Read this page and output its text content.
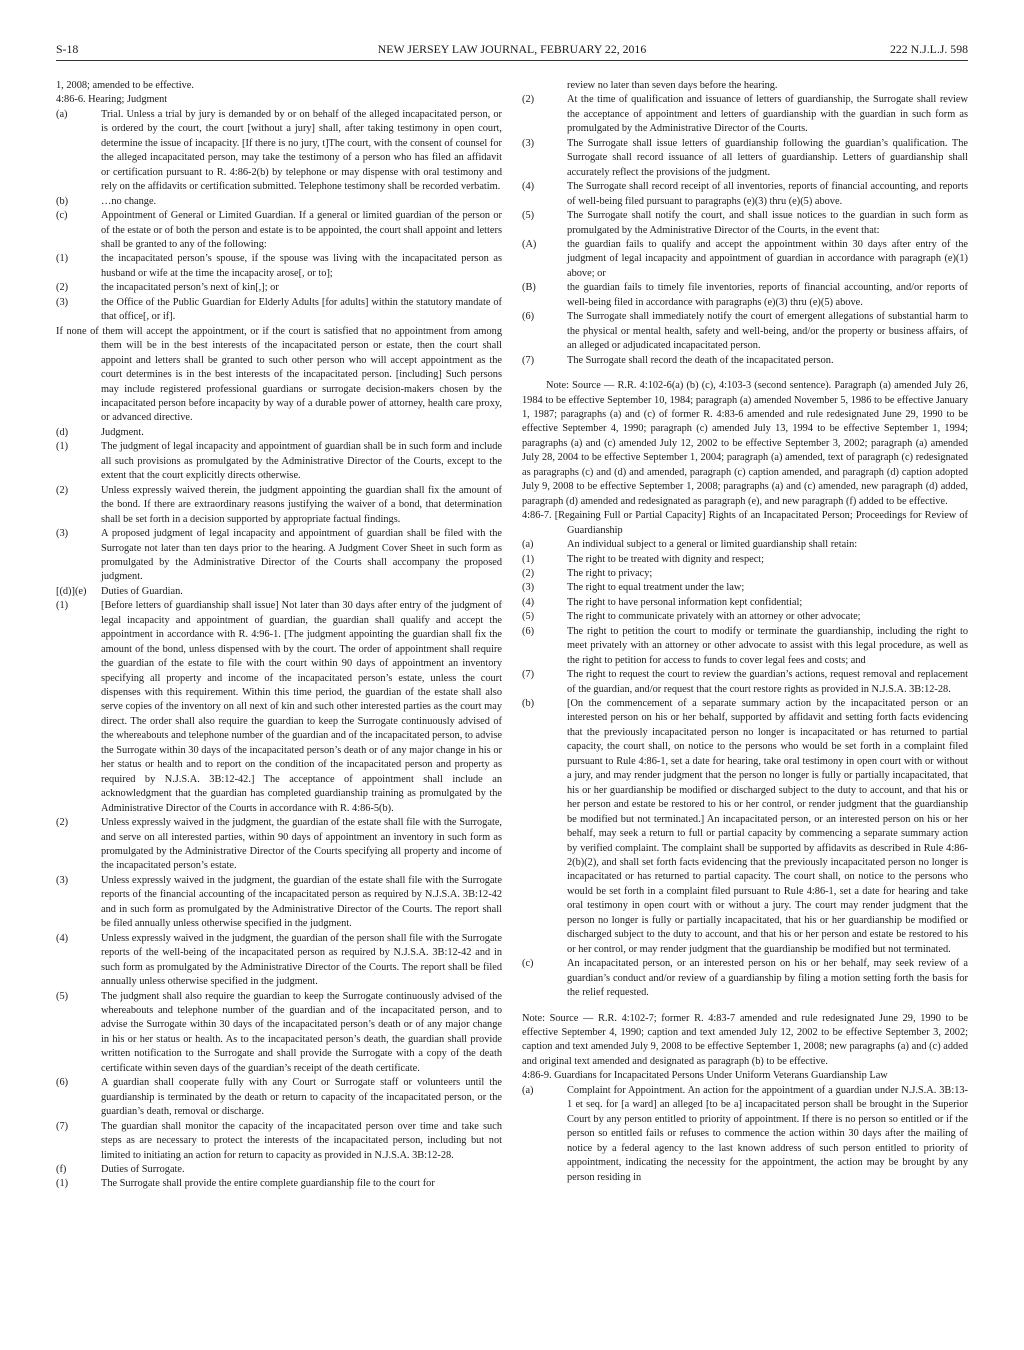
S-18	NEW JERSEY LAW JOURNAL, FEBRUARY 22, 2016	222 N.J.L.J. 598
1, 2008; amended to be effective.
4:86-6. Hearing; Judgment
(a)	Trial. Unless a trial by jury is demanded by or on behalf of the alleged incapacitated person, or is ordered by the court, the court [without a jury] shall, after taking testimony in open court, determine the issue of incapacity. [If there is no jury, t]The court, with the consent of counsel for the alleged incapacitated person, may take the testimony of a person who has filed an affidavit or certification pursuant to R. 4:86-2(b) by telephone or may dispense with oral testimony and rely on the affidavits or certification submitted. Telephone testimony shall be recorded verbatim.
(b)	…no change.
(c)	Appointment of General or Limited Guardian. If a general or limited guardian of the person or of the estate or of both the person and estate is to be appointed, the court shall appoint and letters shall be granted to any of the following:
(1)	the incapacitated person’s spouse, if the spouse was living with the incapacitated person as husband or wife at the time the incapacity arose[, or to];
(2)	the incapacitated person’s next of kin[,]; or
(3)	the Office of the Public Guardian for Elderly Adults [for adults] within the statutory mandate of that office[, or if].
If none of them will accept the appointment, or if the court is satisfied that no appointment from among them will be in the best interests of the incapacitated person or estate, then the court shall appoint and letters shall be granted to such other person who will accept appointment as the court determines is in the best interests of the incapacitated person. [including] Such persons may include registered professional guardians or surrogate decision-makers chosen by the incapacitated person before incapacity by way of a durable power of attorney, health care proxy, or advanced directive.
(d)	Judgment.
(1)	The judgment of legal incapacity and appointment of guardian shall be in such form and include all such provisions as promulgated by the Administrative Director of the Courts, except to the extent that the court explicitly directs otherwise.
(2)	Unless expressly waived therein, the judgment appointing the guardian shall fix the amount of the bond. If there are extraordinary reasons justifying the waiver of a bond, that determination shall be set forth in a decision supported by appropriate factual findings.
(3)	A proposed judgment of legal incapacity and appointment of guardian shall be filed with the Surrogate not later than ten days prior to the hearing. A Judgment Cover Sheet in such form as promulgated by the Administrative Director of the Courts shall accompany the proposed judgment.
[(d)](e) Duties of Guardian.
(1)	[Before letters of guardianship shall issue] Not later than 30 days after entry of the judgment of legal incapacity and appointment of guardian, the guardian shall qualify and accept the appointment in accordance with R. 4:96-1. [The judgment appointing the guardian shall fix the amount of the bond, unless dispensed with by the court. The order of appointment shall require the guardian of the estate to file with the court within 90 days of appointment an inventory specifying all property and income of the incapacitated person’s estate, unless the court dispenses with this requirement. Within this time period, the guardian of the estate shall also serve copies of the inventory on all next of kin and such other interested parties as the court may direct. The order shall also require the guardian to keep the Surrogate continuously advised of the whereabouts and telephone number of the guardian and of the incapacitated person, to advise the Surrogate within 30 days of the incapacitated person’s death or of any major change in his or her status or health and to report on the condition of the incapacitated person and property as required by N.J.S.A. 3B:12-42.] The acceptance of appointment shall include an acknowledgment that the guardian has completed guardianship training as promulgated by the Administrative Director of the Courts in accordance with R. 4:86-5(b).
(2)	Unless expressly waived in the judgment, the guardian of the estate shall file with the Surrogate, and serve on all interested parties, within 90 days of appointment an inventory in such form as promulgated by the Administrative Director of the Courts specifying all property and income of the incapacitated person’s estate.
(3)	Unless expressly waived in the judgment, the guardian of the estate shall file with the Surrogate reports of the financial accounting of the incapacitated person as required by N.J.S.A. 3B:12-42 and in such form as promulgated by the Administrative Director of the Courts. The report shall be filed annually unless otherwise specified in the judgment.
(4)	Unless expressly waived in the judgment, the guardian of the person shall file with the Surrogate reports of the well-being of the incapacitated person as required by N.J.S.A. 3B:12-42 and in such form as promulgated by the Administrative Director of the Courts. The report shall be filed annually unless otherwise specified in the judgment.
(5)	The judgment shall also require the guardian to keep the Surrogate continuously advised of the whereabouts and telephone number of the guardian and of the incapacitated person, and to advise the Surrogate within 30 days of the incapacitated person’s death or of any major change in his or her status or health. As to the incapacitated person’s death, the guardian shall provide written notification to the Surrogate and shall provide the Surrogate with a copy of the death certificate within seven days of the guardian’s receipt of the death certificate.
(6)	A guardian shall cooperate fully with any Court or Surrogate staff or volunteers until the guardianship is terminated by the death or return to capacity of the incapacitated person, or the guardian’s death, removal or discharge.
(7)	The guardian shall monitor the capacity of the incapacitated person over time and take such steps as are necessary to protect the interests of the incapacitated person, including but not limited to initiating an action for return to capacity as provided in N.J.S.A. 3B:12-28.
(f)	Duties of Surrogate.
(1)	The Surrogate shall provide the entire complete guardianship file to the court for
review no later than seven days before the hearing.
(2)	At the time of qualification and issuance of letters of guardianship, the Surrogate shall review the acceptance of appointment and letters of guardianship with the guardian in such form as promulgated by the Administrative Director of the Courts.
(3)	The Surrogate shall issue letters of guardianship following the guardian’s qualification. The Surrogate shall record issuance of all letters of guardianship. Letters of guardianship shall accurately reflect the provisions of the judgment.
(4)	The Surrogate shall record receipt of all inventories, reports of financial accounting, and reports of well-being filed pursuant to paragraphs (e)(3) thru (e)(5) above.
(5)	The Surrogate shall notify the court, and shall issue notices to the guardian in such form as promulgated by the Administrative Director of the Courts, in the event that:
(A)	the guardian fails to qualify and accept the appointment within 30 days after entry of the judgment of legal incapacity and appointment of guardian in accordance with paragraph (e)(1) above; or
(B)	the guardian fails to timely file inventories, reports of financial accounting, and/or reports of well-being filed in accordance with paragraphs (e)(3) thru (e)(5) above.
(6)	The Surrogate shall immediately notify the court of emergent allegations of substantial harm to the physical or mental health, safety and well-being, and/or the property or business affairs, of an alleged or adjudicated incapacitated person.
(7)	The Surrogate shall record the death of the incapacitated person.
Note: Source — R.R. 4:102-6(a) (b) (c), 4:103-3 (second sentence). Paragraph (a) amended July 26, 1984 to be effective September 10, 1984; paragraph (a) amended November 5, 1986 to be effective January 1, 1987; paragraphs (a) and (c) of former R. 4:83-6 amended and rule redesignated June 29, 1990 to be effective September 4, 1990; paragraph (c) amended July 13, 1994 to be effective September 1, 1994; paragraphs (a) and (c) amended July 12, 2002 to be effective September 3, 2002; paragraph (a) amended July 28, 2004 to be effective September 1, 2004; paragraph (a) amended, text of paragraph (c) redesignated as paragraphs (c) and (d) and amended, paragraph (c) caption amended, and paragraph (d) caption adopted July 9, 2008 to be effective September 1, 2008; paragraphs (a) and (c) amended, new paragraph (d) added, paragraph (d) amended and redesignated as paragraph (e), and new paragraph (f) added to be effective.
4:86-7. [Regaining Full or Partial Capacity] Rights of an Incapacitated Person; Proceedings for Review of Guardianship
(a)	An individual subject to a general or limited guardianship shall retain:
(1)	The right to be treated with dignity and respect;
(2)	The right to privacy;
(3)	The right to equal treatment under the law;
(4)	The right to have personal information kept confidential;
(5)	The right to communicate privately with an attorney or other advocate;
(6)	The right to petition the court to modify or terminate the guardianship, including the right to meet privately with an attorney or other advocate to assist with this legal procedure, as well as the right to petition for access to funds to cover legal fees and costs; and
(7)	The right to request the court to review the guardian’s actions, request removal and replacement of the guardian, and/or request that the court restore rights as provided in N.J.S.A. 3B:12-28.
(b)	[On the commencement of a separate summary action by the incapacitated person or an interested person on his or her behalf, supported by affidavit and setting forth facts evidencing that the previously incapacitated person no longer is incapacitated or has returned to partial capacity, the court shall, on notice to the persons who would be set forth in a complaint filed pursuant to Rule 4:86-1, set a date for hearing, take oral testimony in open court with or without a jury, and may render judgment that the person no longer is fully or partially incapacitated, that his or her guardianship be modified or discharged subject to the duty to account, and that his or her person and estate be restored to his or her control, or render judgment that the guardianship be modified but not terminated.] An incapacitated person, or an interested person on his or her behalf, may seek a return to full or partial capacity by commencing a separate summary action by verified complaint. The complaint shall be supported by affidavits as described in Rule 4:86-2(b)(2), and shall set forth facts evidencing that the previously incapacitated person no longer is incapacitated or has returned to partial capacity. The court shall, on notice to the persons who would be set forth in a complaint filed pursuant to Rule 4:86-1, set a date for hearing and take oral testimony in open court with or without a jury. The court may render judgment that the person no longer is fully or partially incapacitated, that his or her guardianship be modified or discharged subject to the duty to account, and that his or her person and estate be restored to his or her control, or may render judgment that the guardianship be modified but not terminated.
(c)	An incapacitated person, or an interested person on his or her behalf, may seek review of a guardian’s conduct and/or review of a guardianship by filing a motion setting forth the basis for the relief requested.
Note: Source — R.R. 4:102-7; former R. 4:83-7 amended and rule redesignated June 29, 1990 to be effective September 4, 1990; caption and text amended July 12, 2002 to be effective September 3, 2002; caption and text amended July 9, 2008 to be effective September 1, 2008; new paragraphs (a) and (c) added and original text amended and designated as paragraph (b) to be effective.
4:86-9. Guardians for Incapacitated Persons Under Uniform Veterans Guardianship Law
(a)	Complaint for Appointment. An action for the appointment of a guardian under N.J.S.A. 3B:13-1 et seq. for [a ward] an alleged [to be a] incapacitated person shall be brought in the Superior Court by any person entitled to priority of appointment. If there is no person so entitled or if the person so entitled fails or refuses to commence the action within 30 days after the mailing of notice by a federal agency to the last known address of such person entitled to priority of appointment, indicating the necessity for the appointment, the action may be brought by any person residing in
